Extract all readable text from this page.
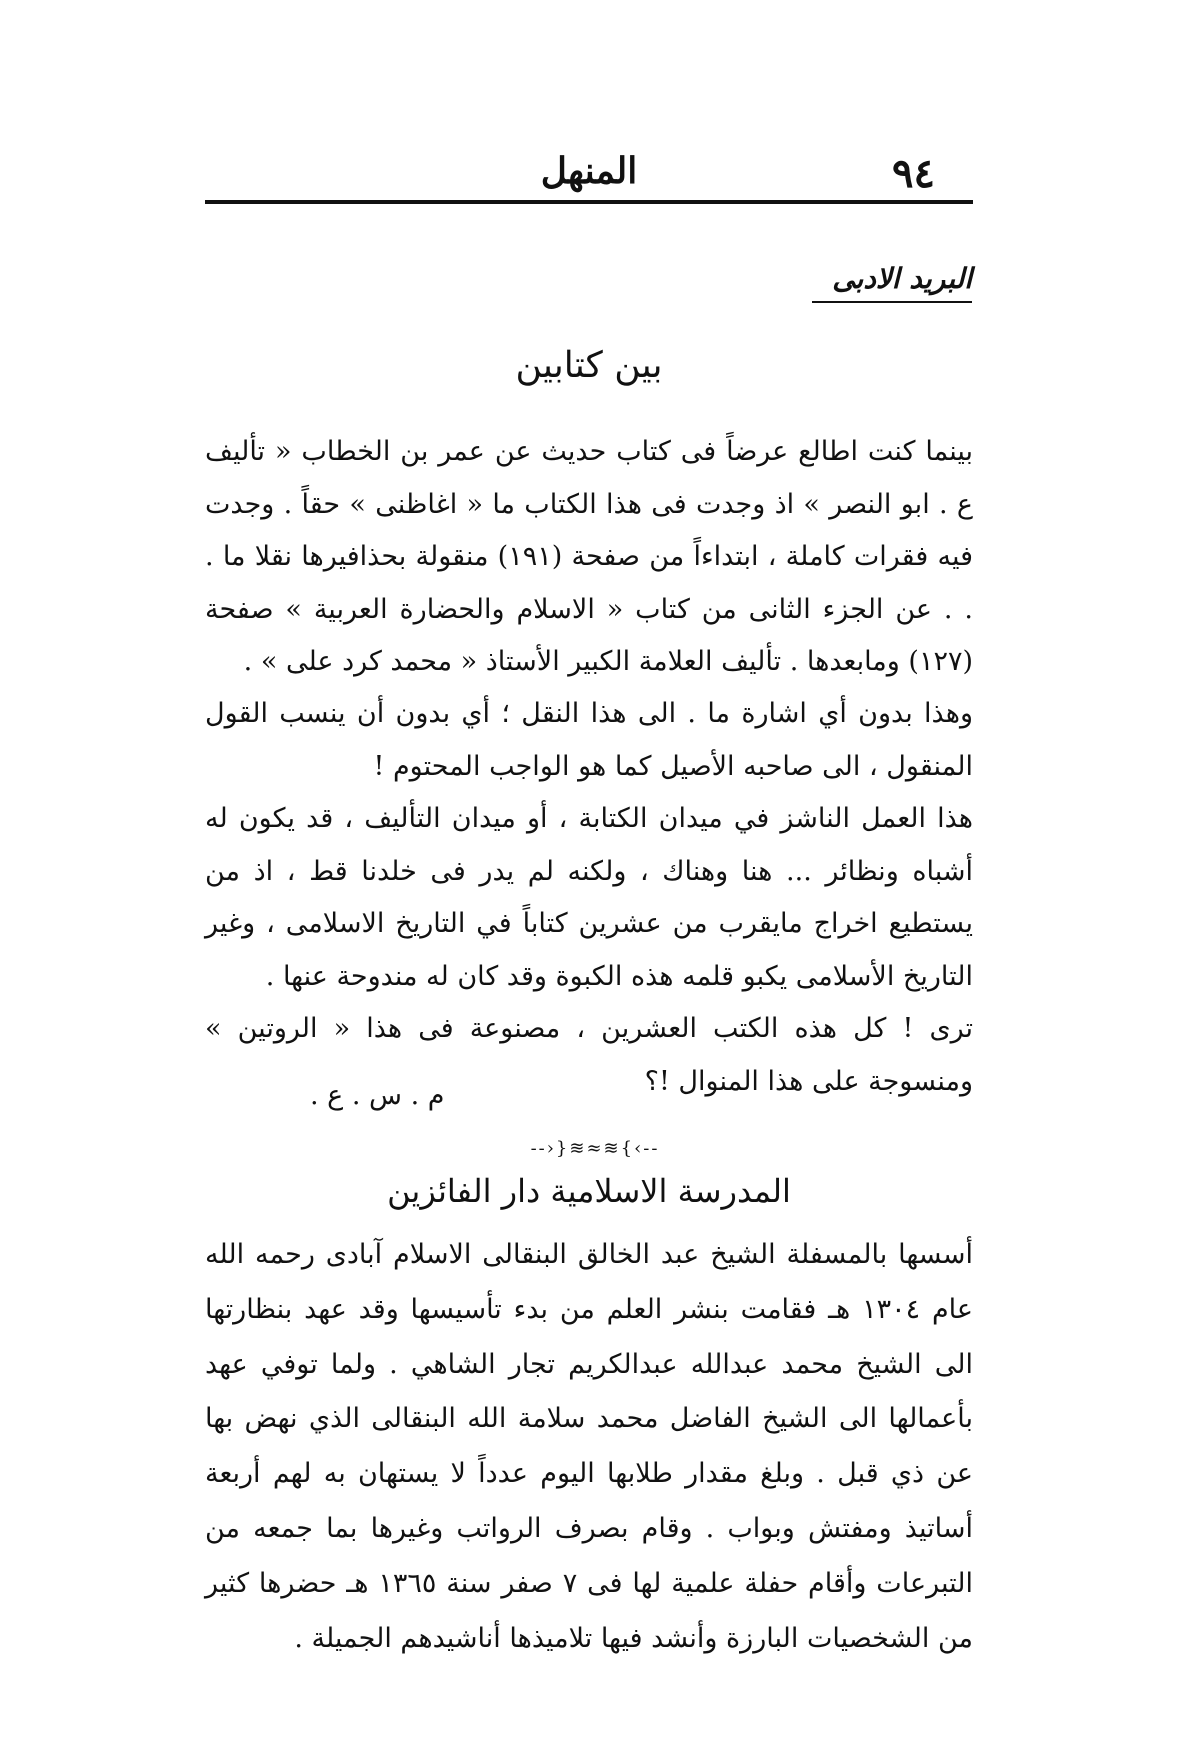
٩٤
المنهل
البريد الادبى
بين كتابين

بينما كنت اطالع عرضاً فى كتاب حديث عن عمر بن الخطاب « تأليف ع . ابو النصر » اذ وجدت فى هذا الكتاب ما « اغاظنى » حقاً . وجدت فيه فقرات كاملة ، ابتداءاً من صفحة (١٩١) منقولة بحذافيرها نقلا ما . . . عن الجزء الثانى من كتاب « الاسلام والحضارة العربية » صفحة (١٢٧) ومابعدها . تأليف العلامة الكبير الأستاذ « محمد كرد على » .

وهذا بدون أي اشارة ما . الى هذا النقل ؛ أي بدون أن ينسب القول المنقول ، الى صاحبه الأصيل كما هو الواجب المحتوم !

هذا العمل الناشز في ميدان الكتابة ، أو ميدان التأليف ، قد يكون له أشباه ونظائر ... هنا وهناك ، ولكنه لم يدر فى خلدنا قط ، اذ من يستطيع اخراج مايقرب من عشرين كتاباً في التاريخ الاسلامى ، وغير التاريخ الأسلامى يكبو قلمه هذه الكبوة وقد كان له مندوحة عنها .

ترى ! كل هذه الكتب العشرين ، مصنوعة فى هذا « الروتين » ومنسوجة على هذا المنوال !؟

م . س . ع .
--›}≋≈≋{‹--
المدرسة الاسلامية دار الفائزين

أسسها بالمسفلة الشيخ عبد الخالق البنقالى الاسلام آبادى رحمه الله عام ١٣٠٤ هـ فقامت بنشر العلم من بدء تأسيسها وقد عهد بنظارتها الى الشيخ محمد عبدالله عبدالكريم تجار الشاهي . ولما توفي عهد بأعمالها الى الشيخ الفاضل محمد سلامة الله البنقالى الذي نهض بها عن ذي قبل . وبلغ مقدار طلابها اليوم عدداً لا يستهان به لهم أربعة أساتيذ ومفتش وبواب . وقام بصرف الرواتب وغيرها بما جمعه من التبرعات وأقام حفلة علمية لها فى ٧ صفر سنة ١٣٦٥ هـ حضرها كثير من الشخصيات البارزة وأنشد فيها تلاميذها أناشيدهم الجميلة .
